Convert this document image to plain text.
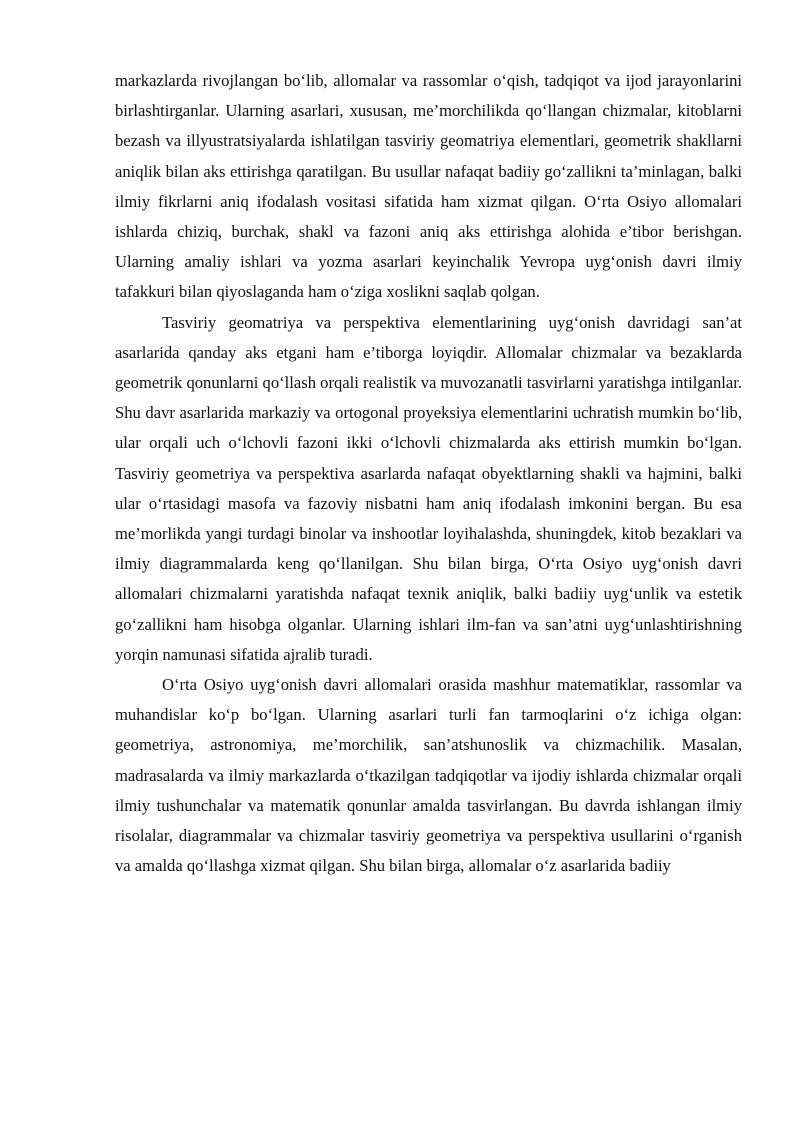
markazlarda rivojlangan bo‘lib, allomalar va rassomlar o‘qish, tadqiqot va ijod jarayonlarini birlashtirganlar. Ularning asarlari, xususan, me’morchilikda qo‘llangan chizmalar, kitoblarni bezash va illyustratsiyalarda ishlatilgan tasviriy geomatriya elementlari, geometrik shakllarni aniqlik bilan aks ettirishga qaratilgan. Bu usullar nafaqat badiiy go‘zallikni ta’minlagan, balki ilmiy fikrlarni aniq ifodalash vositasi sifatida ham xizmat qilgan. O‘rta Osiyo allomalari ishlarda chiziq, burchak, shakl va fazoni aniq aks ettirishga alohida e’tibor berishgan. Ularning amaliy ishlari va yozma asarlari keyinchalik Yevropa uyg‘onish davri ilmiy tafakkuri bilan qiyoslaganda ham o‘ziga xoslikni saqlab qolgan.

Tasviriy geomatriya va perspektiva elementlarining uyg‘onish davridagi san’at asarlarida qanday aks etgani ham e’tiborga loyiqdir. Allomalar chizmalar va bezaklarda geometrik qonunlarni qo‘llash orqali realistik va muvozanatli tasvirlarni yaratishga intilganlar. Shu davr asarlarida markaziy va ortogonal proyeksiya elementlarini uchratish mumkin bo‘lib, ular orqali uch o‘lchovli fazoni ikki o‘lchovli chizmalarda aks ettirish mumkin bo‘lgan. Tasviriy geometriya va perspektiva asarlarda nafaqat obyektlarning shakli va hajmini, balki ular o‘rtasidagi masofa va fazoviy nisbatni ham aniq ifodalash imkonini bergan. Bu esa me’morlikda yangi turdagi binolar va inshootlar loyihalashda, shuningdek, kitob bezaklari va ilmiy diagrammalarda keng qo‘llanilgan. Shu bilan birga, O‘rta Osiyo uyg‘onish davri allomalari chizmalarni yaratishda nafaqat texnik aniqlik, balki badiiy uyg‘unlik va estetik go‘zallikni ham hisobga olganlar. Ularning ishlari ilm-fan va san’atni uyg‘unlashtirishning yorqin namunasi sifatida ajralib turadi.

O‘rta Osiyo uyg‘onish davri allomalari orasida mashhur matematiklar, rassomlar va muhandislar ko‘p bo‘lgan. Ularning asarlari turli fan tarmoqlarini o‘z ichiga olgan: geometriya, astronomiya, me’morchilik, san’atshunoslik va chizmachilik. Masalan, madrasalarda va ilmiy markazlarda o‘tkazilgan tadqiqotlar va ijodiy ishlarda chizmalar orqali ilmiy tushunchalar va matematik qonunlar amalda tasvirlangan. Bu davrda ishlangan ilmiy risolalar, diagrammalar va chizmalar tasviriy geometriya va perspektiva usullarini o‘rganish va amalda qo‘llashga xizmat qilgan. Shu bilan birga, allomalar o‘z asarlarida badiiy
